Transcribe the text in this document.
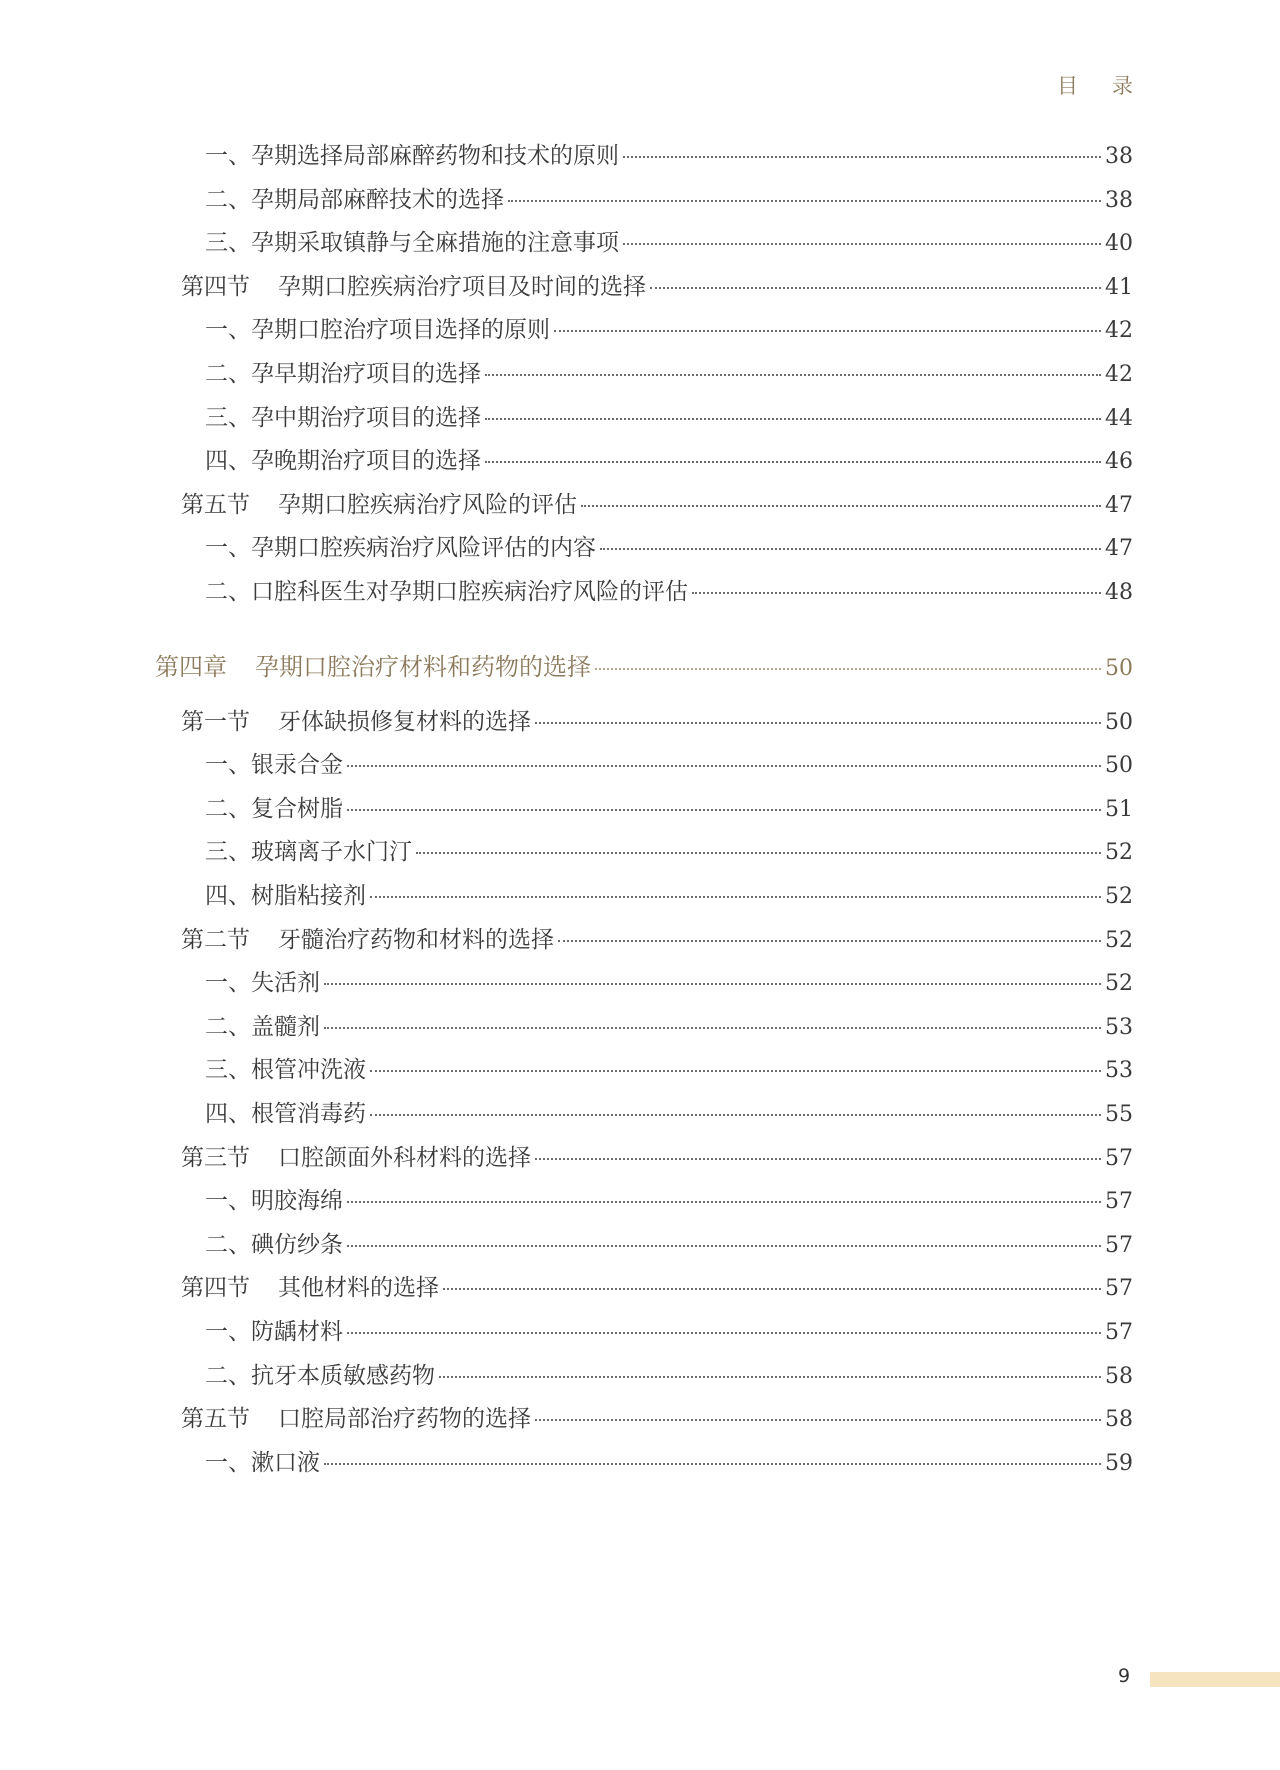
目录
一、孕期选择局部麻醉药物和技术的原则	38
二、孕期局部麻醉技术的选择	38
三、孕期采取镇静与全麻措施的注意事项	40
第四节 孕期口腔疾病治疗项目及时间的选择	41
一、孕期口腔治疗项目选择的原则	42
二、孕早期治疗项目的选择	42
三、孕中期治疗项目的选择	44
四、孕晚期治疗项目的选择	46
第五节 孕期口腔疾病治疗风险的评估	47
一、孕期口腔疾病治疗风险评估的内容	47
二、口腔科医生对孕期口腔疾病治疗风险的评估	48
第四章 孕期口腔治疗材料和药物的选择	50
第一节 牙体缺损修复材料的选择	50
一、银汞合金	50
二、复合树脂	51
三、玻璃离子水门汀	52
四、树脂粘接剂	52
第二节 牙髓治疗药物和材料的选择	52
一、失活剂	52
二、盖髓剂	53
三、根管冲洗液	53
四、根管消毒药	55
第三节 口腔颌面外科材料的选择	57
一、明胶海绵	57
二、碘仿纱条	57
第四节 其他材料的选择	57
一、防龋材料	57
二、抗牙本质敏感药物	58
第五节 口腔局部治疗药物的选择	58
一、漱口液	59
9
